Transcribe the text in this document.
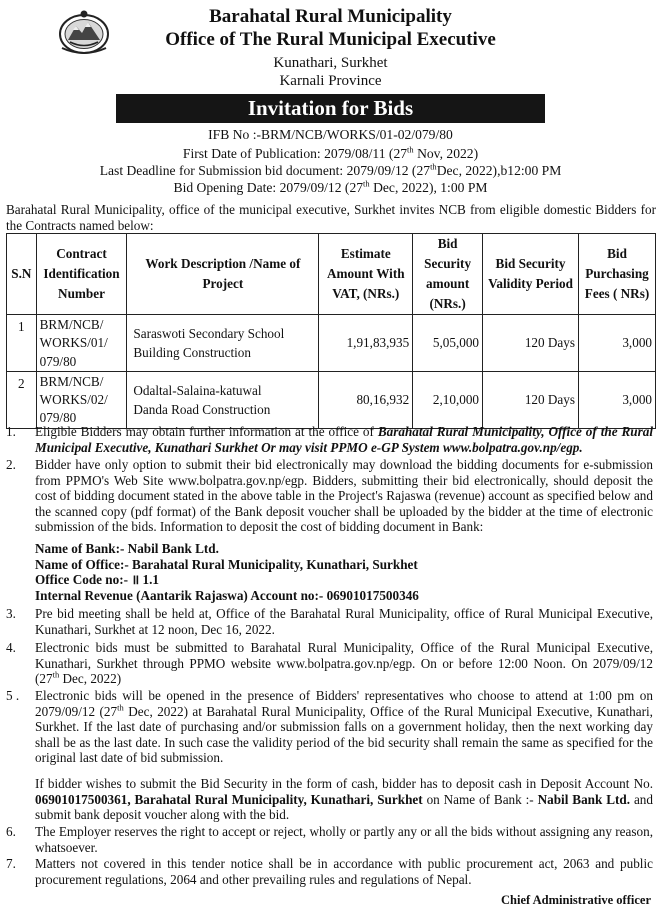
Barahatal Rural Municipality
Office of The Rural Municipal Executive
Kunathari, Surkhet
Karnali Province
Invitation for Bids
IFB No :-BRM/NCB/WORKS/01-02/079/80
First Date of Publication: 2079/08/11 (27th Nov, 2022)
Last Deadline for Submission bid document: 2079/09/12 (27thDec, 2022),b12:00 PM
Bid Opening Date: 2079/09/12 (27th Dec, 2022), 1:00 PM
Barahatal Rural Municipality, office of the municipal executive, Surkhet invites NCB from eligible domestic Bidders for the Contracts named below:
S.N	Contract Identification Number	Work Description /Name of Project	Estimate Amount With VAT, (NRs.)	Bid Security amount (NRs.)	Bid Security Validity Period	Bid Purchasing Fees ( NRs)
1	BRM/NCB/
WORKS/01/
079/80	Saraswoti Secondary School
Building Construction	1,91,83,935	5,05,000	120 Days	3,000
2	BRM/NCB/
WORKS/02/
079/80	Odaltal-Salaina-katuwal
Danda Road Construction	80,16,932	2,10,000	120 Days	3,000
1.	Eligible Bidders may obtain further information at the office of Barahatal Rural Municipality, Office of the Rural Municipal Executive, Kunathari Surkhet Or may visit PPMO e-GP System www.bolpatra.gov.np/egp.
2.	Bidder have only option to submit their bid electronically may download the bidding documents for e-submission from PPMO's Web Site www.bolpatra.gov.np/egp. Bidders, submitting their bid electronically, should deposit the cost of bidding document stated in the above table in the Project's Rajaswa (revenue) account as specified below and the scanned copy (pdf format) of the Bank deposit voucher shall be uploaded by the bidder at the time of electronic submission of the bids. Information to deposit the cost of bidding document in Bank:
Name of Bank:- Nabil Bank Ltd.
Name of Office:- Barahatal Rural Municipality, Kunathari, Surkhet
Office Code no:- ॥ 1.1
Internal Revenue (Aantarik Rajaswa) Account no:- 06901017500346
3.	Pre bid meeting shall be held at, Office of the Barahatal Rural Municipality, office of Rural Municipal Executive, Kunathari, Surkhet at 12 noon, Dec 16, 2022.
4.	Electronic bids must be submitted to Barahatal Rural Municipality, Office of the Rural Municipal Executive, Kunathari, Surkhet through PPMO website www.bolpatra.gov.np/egp. On or before 12:00 Noon. On 2079/09/12 (27th Dec, 2022)
5 .	Electronic bids will be opened in the presence of Bidders' representatives who choose to attend at 1:00 pm on 2079/09/12 (27th Dec, 2022) at Barahatal Rural Municipality, Office of the Rural Municipal Executive, Kunathari, Surkhet. If the last date of purchasing and/or submission falls on a government holiday, then the next working day shall be as the last date. In such case the validity period of the bid security shall remain the same as specified for the original last date of bid submission.
If bidder wishes to submit the Bid Security in the form of cash, bidder has to deposit cash in Deposit Account No. 06901017500361, Barahatal Rural Municipality, Kunathari, Surkhet on Name of Bank :- Nabil Bank Ltd. and submit bank deposit voucher along with the bid.
6.	The Employer reserves the right to accept or reject, wholly or partly any or all the bids without assigning any reason, whatsoever.
7.	Matters not covered in this tender notice shall be in accordance with public procurement act, 2063 and public procurement regulations, 2064 and other prevailing rules and regulations of Nepal.
Chief Administrative officer
